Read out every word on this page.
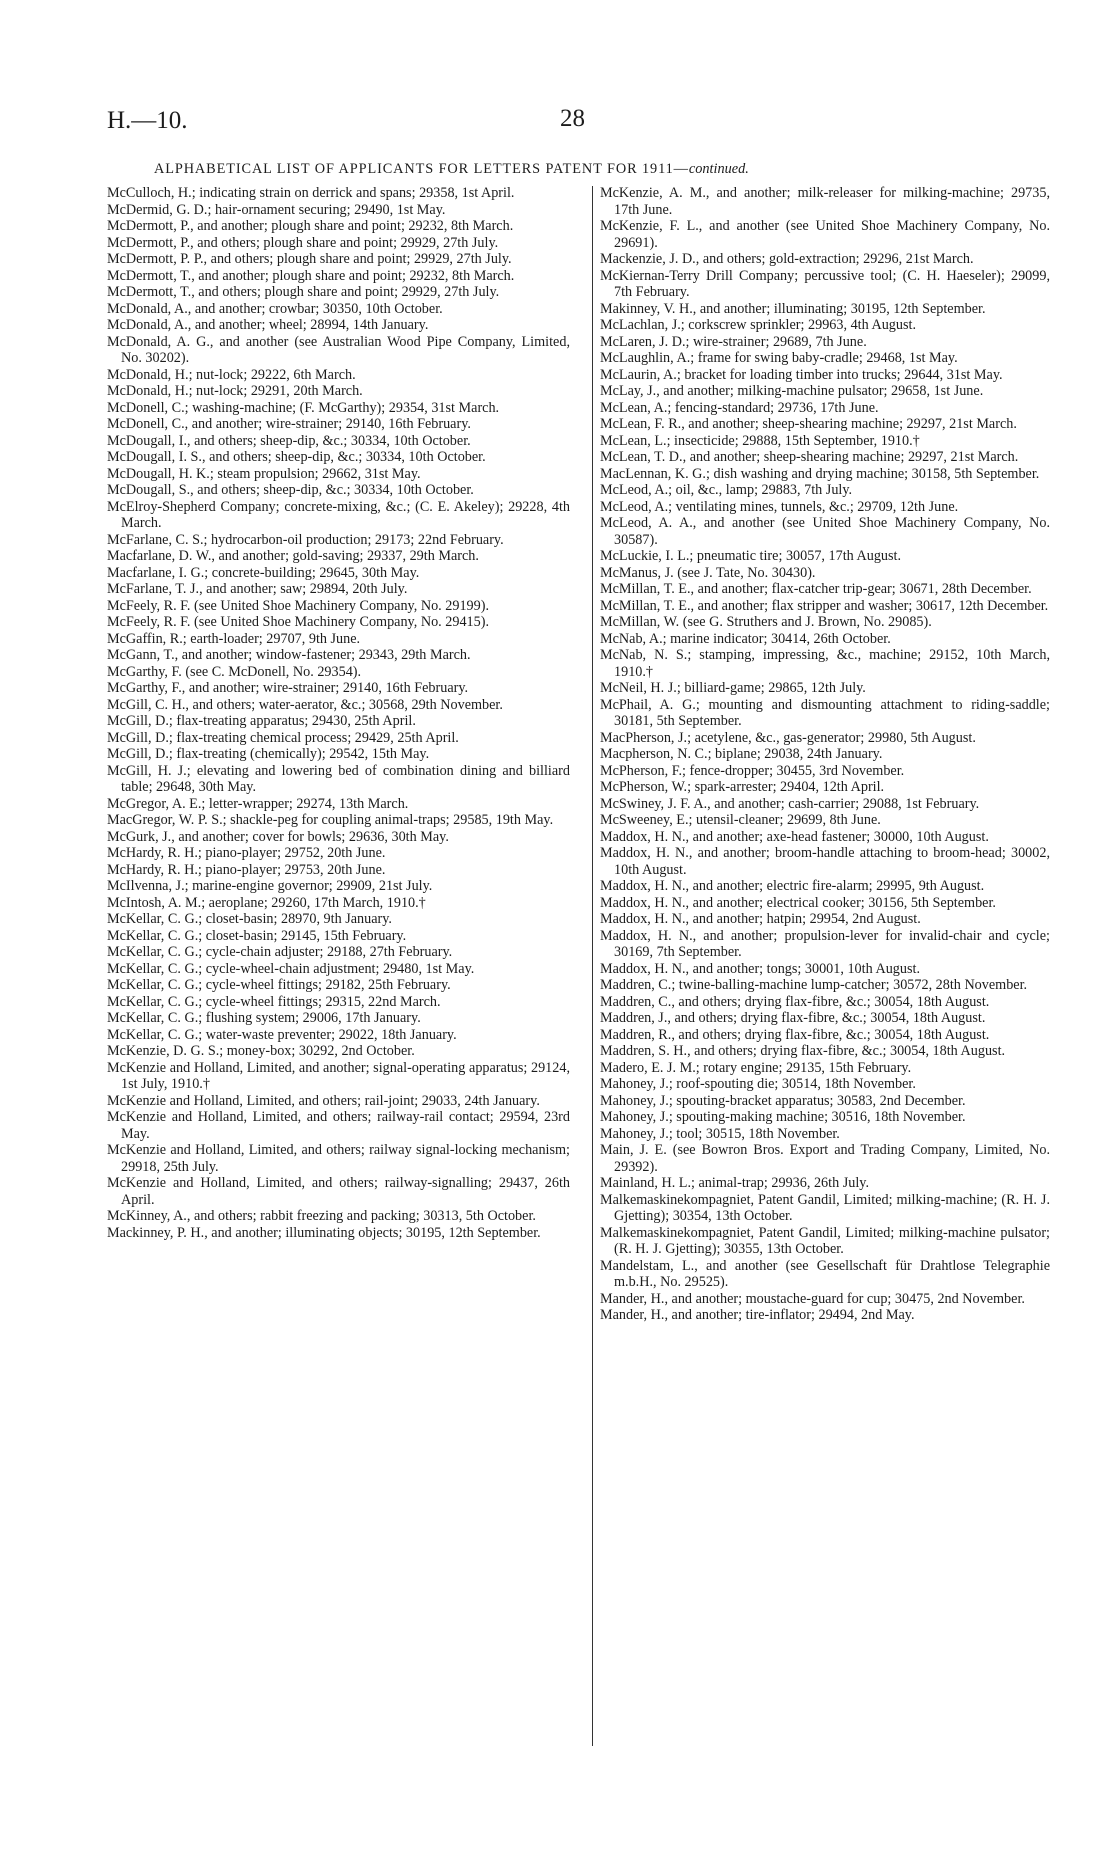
H.—10.	28
ALPHABETICAL LIST OF APPLICANTS FOR LETTERS PATENT FOR 1911—continued.
McCulloch, H.; indicating strain on derrick and spans; 29358, 1st April.
McDermid, G. D.; hair-ornament securing; 29490, 1st May.
McDermott, P., and another; plough share and point; 29232, 8th March.
McDermott, P., and others; plough share and point; 29929, 27th July.
McDermott, P. P., and others; plough share and point; 29929, 27th July.
McDermott, T., and another; plough share and point; 29232, 8th March.
McDermott, T., and others; plough share and point; 29929, 27th July.
McDonald, A., and another; crowbar; 30350, 10th October.
McDonald, A., and another; wheel; 28994, 14th January.
McDonald, A. G., and another (see Australian Wood Pipe Company, Limited, No. 30202).
McDonald, H.; nut-lock; 29222, 6th March.
McDonald, H.; nut-lock; 29291, 20th March.
McDonell, C.; washing-machine; (F. McGarthy); 29354, 31st March.
McDonell, C., and another; wire-strainer; 29140, 16th February.
McDougall, I., and others; sheep-dip, &c.; 30334, 10th October.
McDougall, I. S., and others; sheep-dip, &c.; 30334, 10th October.
McDougall, H. K.; steam propulsion; 29662, 31st May.
McDougall, S., and others; sheep-dip, &c.; 30334, 10th October.
McElroy-Shepherd Company; concrete-mixing, &c.; (C. E. Akeley); 29228, 4th March.
McFarlane, C. S.; hydrocarbon-oil production; 29173; 22nd February.
Macfarlane, D. W., and another; gold-saving; 29337, 29th March.
Macfarlane, I. G.; concrete-building; 29645, 30th May.
McFarlane, T. J., and another; saw; 29894, 20th July.
McFeely, R. F. (see United Shoe Machinery Company, No. 29199).
McFeely, R. F. (see United Shoe Machinery Company, No. 29415).
McGaffin, R.; earth-loader; 29707, 9th June.
McGann, T., and another; window-fastener; 29343, 29th March.
McGarthy, F. (see C. McDonell, No. 29354).
McGarthy, F., and another; wire-strainer; 29140, 16th February.
McGill, C. H., and others; water-aerator, &c.; 30568, 29th November.
McGill, D.; flax-treating apparatus; 29430, 25th April.
McGill, D.; flax-treating chemical process; 29429, 25th April.
McGill, D.; flax-treating (chemically); 29542, 15th May.
McGill, H. J.; elevating and lowering bed of combination dining and billiard table; 29648, 30th May.
McGregor, A. E.; letter-wrapper; 29274, 13th March.
MacGregor, W. P. S.; shackle-peg for coupling animal-traps; 29585, 19th May.
McGurk, J., and another; cover for bowls; 29636, 30th May.
McHardy, R. H.; piano-player; 29752, 20th June.
McHardy, R. H.; piano-player; 29753, 20th June.
McIlvenna, J.; marine-engine governor; 29909, 21st July.
McIntosh, A. M.; aeroplane; 29260, 17th March, 1910.†
McKellar, C. G.; closet-basin; 28970, 9th January.
McKellar, C. G.; closet-basin; 29145, 15th February.
McKellar, C. G.; cycle-chain adjuster; 29188, 27th February.
McKellar, C. G.; cycle-wheel-chain adjustment; 29480, 1st May.
McKellar, C. G.; cycle-wheel fittings; 29182, 25th February.
McKellar, C. G.; cycle-wheel fittings; 29315, 22nd March.
McKellar, C. G.; flushing system; 29006, 17th January.
McKellar, C. G.; water-waste preventer; 29022, 18th January.
McKenzie, D. G. S.; money-box; 30292, 2nd October.
McKenzie and Holland, Limited, and another; signal-operating apparatus; 29124, 1st July, 1910.†
McKenzie and Holland, Limited, and others; rail-joint; 29033, 24th January.
McKenzie and Holland, Limited, and others; railway-rail contact; 29594, 23rd May.
McKenzie and Holland, Limited, and others; railway signal-locking mechanism; 29918, 25th July.
McKenzie and Holland, Limited, and others; railway-signalling; 29437, 26th April.
McKinney, A., and others; rabbit freezing and packing; 30313, 5th October.
Mackinney, P. H., and another; illuminating objects; 30195, 12th September.
McKenzie, A. M., and another; milk-releaser for milking-machine; 29735, 17th June.
McKenzie, F. L., and another (see United Shoe Machinery Company, No. 29691).
Mackenzie, J. D., and others; gold-extraction; 29296, 21st March.
McKiernan-Terry Drill Company; percussive tool; (C. H. Haeseler); 29099, 7th February.
Makinney, V. H., and another; illuminating; 30195, 12th September.
McLachlan, J.; corkscrew sprinkler; 29963, 4th August.
McLaren, J. D.; wire-strainer; 29689, 7th June.
McLaughlin, A.; frame for swing baby-cradle; 29468, 1st May.
McLaurin, A.; bracket for loading timber into trucks; 29644, 31st May.
McLay, J., and another; milking-machine pulsator; 29658, 1st June.
McLean, A.; fencing-standard; 29736, 17th June.
McLean, F. R., and another; sheep-shearing machine; 29297, 21st March.
McLean, L.; insecticide; 29888, 15th September, 1910.†
McLean, T. D., and another; sheep-shearing machine; 29297, 21st March.
MacLennan, K. G.; dish washing and drying machine; 30158, 5th September.
McLeod, A.; oil, &c., lamp; 29883, 7th July.
McLeod, A.; ventilating mines, tunnels, &c.; 29709, 12th June.
McLeod, A. A., and another (see United Shoe Machinery Company, No. 30587).
McLuckie, I. L.; pneumatic tire; 30057, 17th August.
McManus, J. (see J. Tate, No. 30430).
McMillan, T. E., and another; flax-catcher trip-gear; 30671, 28th December.
McMillan, T. E., and another; flax stripper and washer; 30617, 12th December.
McMillan, W. (see G. Struthers and J. Brown, No. 29085).
McNab, A.; marine indicator; 30414, 26th October.
McNab, N. S.; stamping, impressing, &c., machine; 29152, 10th March, 1910.†
McNeil, H. J.; billiard-game; 29865, 12th July.
McPhail, A. G.; mounting and dismounting attachment to riding-saddle; 30181, 5th September.
MacPherson, J.; acetylene, &c., gas-generator; 29980, 5th August.
Macpherson, N. C.; biplane; 29038, 24th January.
McPherson, F.; fence-dropper; 30455, 3rd November.
McPherson, W.; spark-arrester; 29404, 12th April.
McSwiney, J. F. A., and another; cash-carrier; 29088, 1st February.
McSweeney, E.; utensil-cleaner; 29699, 8th June.
Maddox, H. N., and another; axe-head fastener; 30000, 10th August.
Maddox, H. N., and another; broom-handle attaching to broom-head; 30002, 10th August.
Maddox, H. N., and another; electric fire-alarm; 29995, 9th August.
Maddox, H. N., and another; electrical cooker; 30156, 5th September.
Maddox, H. N., and another; hatpin; 29954, 2nd August.
Maddox, H. N., and another; propulsion-lever for invalid-chair and cycle; 30169, 7th September.
Maddox, H. N., and another; tongs; 30001, 10th August.
Maddren, C.; twine-balling-machine lump-catcher; 30572, 28th November.
Maddren, C., and others; drying flax-fibre, &c.; 30054, 18th August.
Maddren, J., and others; drying flax-fibre, &c.; 30054, 18th August.
Maddren, R., and others; drying flax-fibre, &c.; 30054, 18th August.
Maddren, S. H., and others; drying flax-fibre, &c.; 30054, 18th August.
Madero, E. J. M.; rotary engine; 29135, 15th February.
Mahoney, J.; roof-spouting die; 30514, 18th November.
Mahoney, J.; spouting-bracket apparatus; 30583, 2nd December.
Mahoney, J.; spouting-making machine; 30516, 18th November.
Mahoney, J.; tool; 30515, 18th November.
Main, J. E. (see Bowron Bros. Export and Trading Company, Limited, No. 29392).
Mainland, H. L.; animal-trap; 29936, 26th July.
Malkemaskinekompagniet, Patent Gandil, Limited; milking-machine; (R. H. J. Gjetting); 30354, 13th October.
Malkemaskinekompagniet, Patent Gandil, Limited; milking-machine pulsator; (R. H. J. Gjetting); 30355, 13th October.
Mandelstam, L., and another (see Gesellschaft für Drahtlose Telegraphie m.b.H., No. 29525).
Mander, H., and another; moustache-guard for cup; 30475, 2nd November.
Mander, H., and another; tire-inflator; 29494, 2nd May.
